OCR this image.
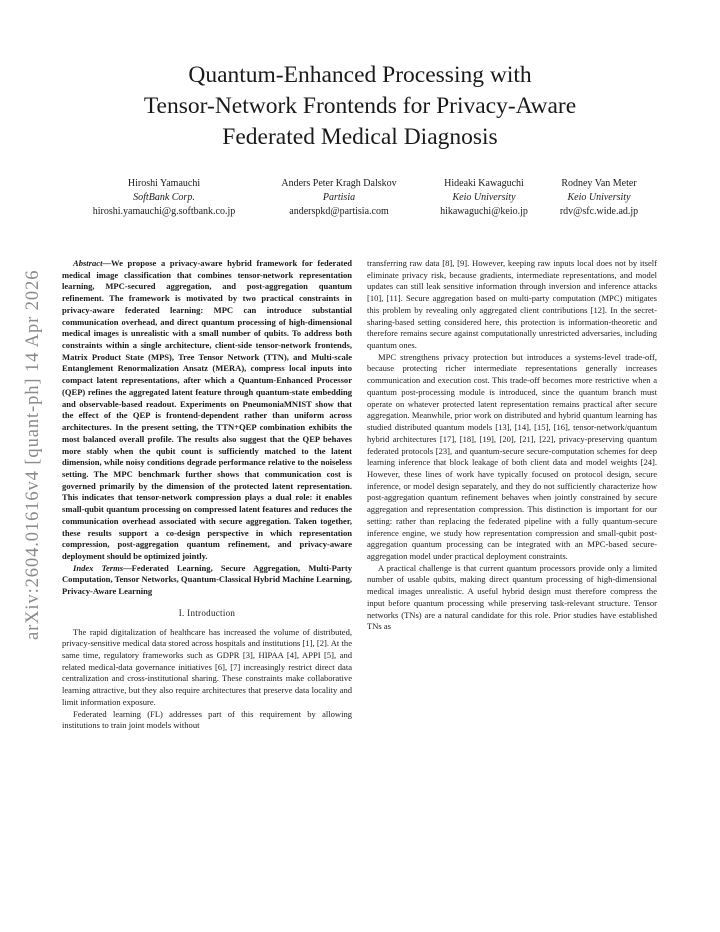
Quantum-Enhanced Processing with
Tensor-Network Frontends for Privacy-Aware
Federated Medical Diagnosis
Hiroshi Yamauchi
SoftBank Corp.
hiroshi.yamauchi@g.softbank.co.jp
Anders Peter Kragh Dalskov
Partisia
anderspkd@partisia.com
Hideaki Kawaguchi
Keio University
hikawaguchi@keio.jp
Rodney Van Meter
Keio University
rdv@sfc.wide.ad.jp
arXiv:2604.01616v4 [quant-ph] 14 Apr 2026

Abstract—We propose a privacy-aware hybrid framework for federated medical image classification that combines tensor-network representation learning, MPC-secured aggregation, and post-aggregation quantum refinement. The framework is motivated by two practical constraints in privacy-aware federated learning: MPC can introduce substantial communication overhead, and direct quantum processing of high-dimensional medical images is unrealistic with a small number of qubits. To address both constraints within a single architecture, client-side tensor-network frontends, Matrix Product State (MPS), Tree Tensor Network (TTN), and Multi-scale Entanglement Renormalization Ansatz (MERA), compress local inputs into compact latent representations, after which a Quantum-Enhanced Processor (QEP) refines the aggregated latent feature through quantum-state embedding and observable-based readout. Experiments on PneumoniaMNIST show that the effect of the QEP is frontend-dependent rather than uniform across architectures. In the present setting, the TTN+QEP combination exhibits the most balanced overall profile. The results also suggest that the QEP behaves more stably when the qubit count is sufficiently matched to the latent dimension, while noisy conditions degrade performance relative to the noiseless setting. The MPC benchmark further shows that communication cost is governed primarily by the dimension of the protected latent representation. This indicates that tensor-network compression plays a dual role: it enables small-qubit quantum processing on compressed latent features and reduces the communication overhead associated with secure aggregation. Taken together, these results support a co-design perspective in which representation compression, post-aggregation quantum refinement, and privacy-aware deployment should be optimized jointly.

Index Terms—Federated Learning, Secure Aggregation, Multi-Party Computation, Tensor Networks, Quantum-Classical Hybrid Machine Learning, Privacy-Aware Learning

I. Introduction

The rapid digitalization of healthcare has increased the volume of distributed, privacy-sensitive medical data stored across hospitals and institutions [1], [2]. At the same time, regulatory frameworks such as GDPR [3], HIPAA [4], APPI [5], and related medical-data governance initiatives [6], [7] increasingly restrict direct data centralization and cross-institutional sharing. These constraints make collaborative learning attractive, but they also require architectures that preserve data locality and limit information exposure.

Federated learning (FL) addresses part of this requirement by allowing institutions to train joint models without

transferring raw data [8], [9]. However, keeping raw inputs local does not by itself eliminate privacy risk, because gradients, intermediate representations, and model updates can still leak sensitive information through inversion and inference attacks [10], [11]. Secure aggregation based on multi-party computation (MPC) mitigates this problem by revealing only aggregated client contributions [12]. In the secret-sharing-based setting considered here, this protection is information-theoretic and therefore remains secure against computationally unrestricted adversaries, including quantum ones.

MPC strengthens privacy protection but introduces a systems-level trade-off, because protecting richer intermediate representations generally increases communication and execution cost. This trade-off becomes more restrictive when a quantum post-processing module is introduced, since the quantum branch must operate on whatever protected latent representation remains practical after secure aggregation. Meanwhile, prior work on distributed and hybrid quantum learning has studied distributed quantum models [13], [14], [15], [16], tensor-network/quantum hybrid architectures [17], [18], [19], [20], [21], [22], privacy-preserving quantum federated protocols [23], and quantum-secure secure-computation schemes for deep learning inference that block leakage of both client data and model weights [24]. However, these lines of work have typically focused on protocol design, secure inference, or model design separately, and they do not sufficiently characterize how post-aggregation quantum refinement behaves when jointly constrained by secure aggregation and representation compression. This distinction is important for our setting: rather than replacing the federated pipeline with a fully quantum-secure inference engine, we study how representation compression and small-qubit post-aggregation quantum processing can be integrated with an MPC-based secure-aggregation model under practical deployment constraints.

A practical challenge is that current quantum processors provide only a limited number of usable qubits, making direct quantum processing of high-dimensional medical images unrealistic. A useful hybrid design must therefore compress the input before quantum processing while preserving task-relevant structure. Tensor networks (TNs) are a natural candidate for this role. Prior studies have established TNs as
